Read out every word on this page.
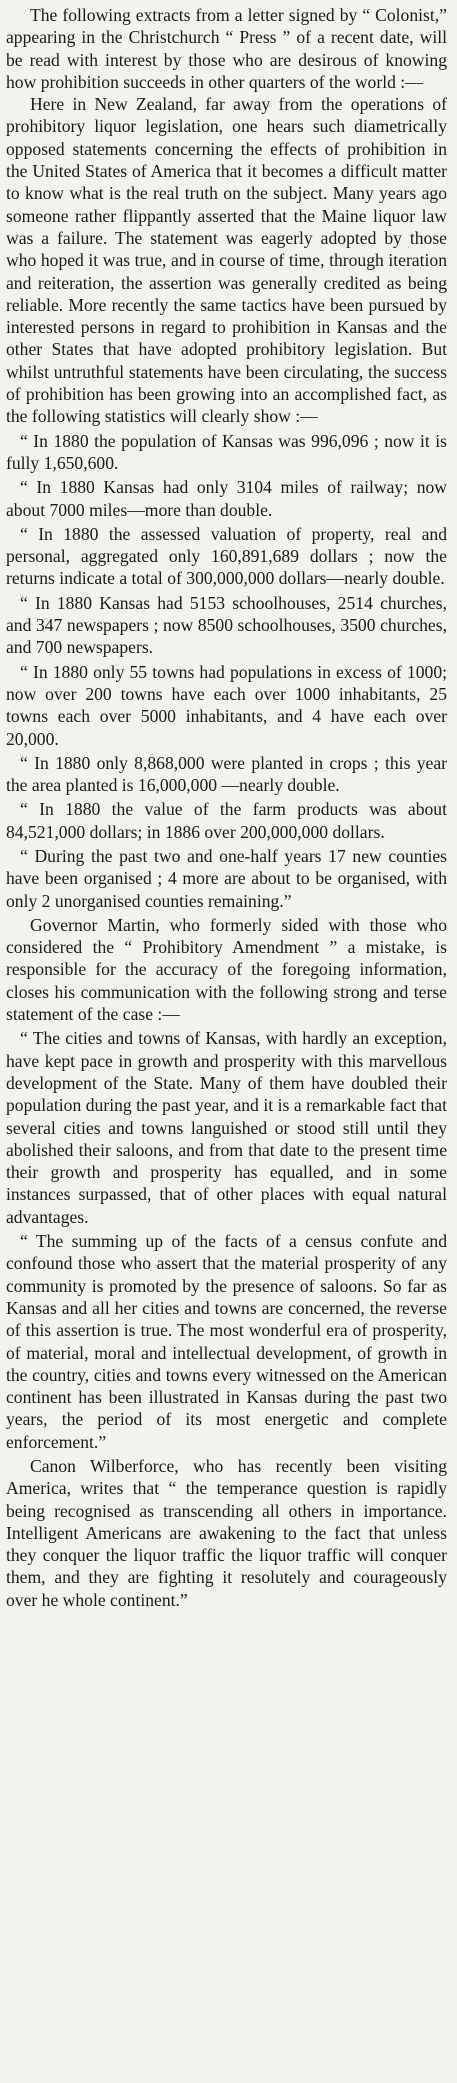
The following extracts from a letter signed by “ Colonist,” appearing in the Christchurch “ Press ” of a recent date, will be read with interest by those who are desirous of knowing how prohibition succeeds in other quarters of the world :—

Here in New Zealand, far away from the operations of prohibitory liquor legislation, one hears such diametrically opposed statements concerning the effects of prohibition in the United States of America that it becomes a difficult matter to know what is the real truth on the subject. Many years ago someone rather flippantly asserted that the Maine liquor law was a failure. The statement was eagerly adopted by those who hoped it was true, and in course of time, through iteration and reiteration, the assertion was generally credited as being reliable. More recently the same tactics have been pursued by interested persons in regard to prohibition in Kansas and the other States that have adopted prohibitory legislation. But whilst untruthful statements have been circulating, the success of prohibition has been growing into an accomplished fact, as the following statistics will clearly show :—

“ In 1880 the population of Kansas was 996,096 ; now it is fully 1,650,600.

“ In 1880 Kansas had only 3104 miles of railway; now about 7000 miles—more than double.

“ In 1880 the assessed valuation of property, real and personal, aggregated only 160,891,689 dollars ; now the returns indicate a total of 300,000,000 dollars—nearly double.

“ In 1880 Kansas had 5153 schoolhouses, 2514 churches, and 347 newspapers ; now 8500 schoolhouses, 3500 churches, and 700 newspapers.

“ In 1880 only 55 towns had populations in excess of 1000; now over 200 towns have each over 1000 inhabitants, 25 towns each over 5000 inhabitants, and 4 have each over 20,000.

“ In 1880 only 8,868,000 were planted in crops ; this year the area planted is 16,000,000 —nearly double.

“ In 1880 the value of the farm products was about 84,521,000 dollars; in 1886 over 200,000,000 dollars.

“ During the past two and one-half years 17 new counties have been organised ; 4 more are about to be organised, with only 2 unorganised counties remaining.”

Governor Martin, who formerly sided with those who considered the “ Prohibitory Amendment ” a mistake, is responsible for the accuracy of the foregoing information, closes his communication with the following strong and terse statement of the case :—

“ The cities and towns of Kansas, with hardly an exception, have kept pace in growth and prosperity with this marvellous development of the State. Many of them have doubled their population during the past year, and it is a remarkable fact that several cities and towns languished or stood still until they abolished their saloons, and from that date to the present time their growth and prosperity has equalled, and in some instances surpassed, that of other places with equal natural advantages.

“ The summing up of the facts of a census confute and confound those who assert that the material prosperity of any community is promoted by the presence of saloons. So far as Kansas and all her cities and towns are concerned, the reverse of this assertion is true. The most wonderful era of prosperity, of material, moral and intellectual development, of growth in the country, cities and towns every witnessed on the American continent has been illustrated in Kansas during the past two years, the period of its most energetic and complete enforcement.”

Canon Wilberforce, who has recently been visiting America, writes that “ the temperance question is rapidly being recognised as transcending all others in importance. Intelligent Americans are awakening to the fact that unless they conquer the liquor traffic the liquor traffic will conquer them, and they are fighting it resolutely and courageously over he whole continent.”
